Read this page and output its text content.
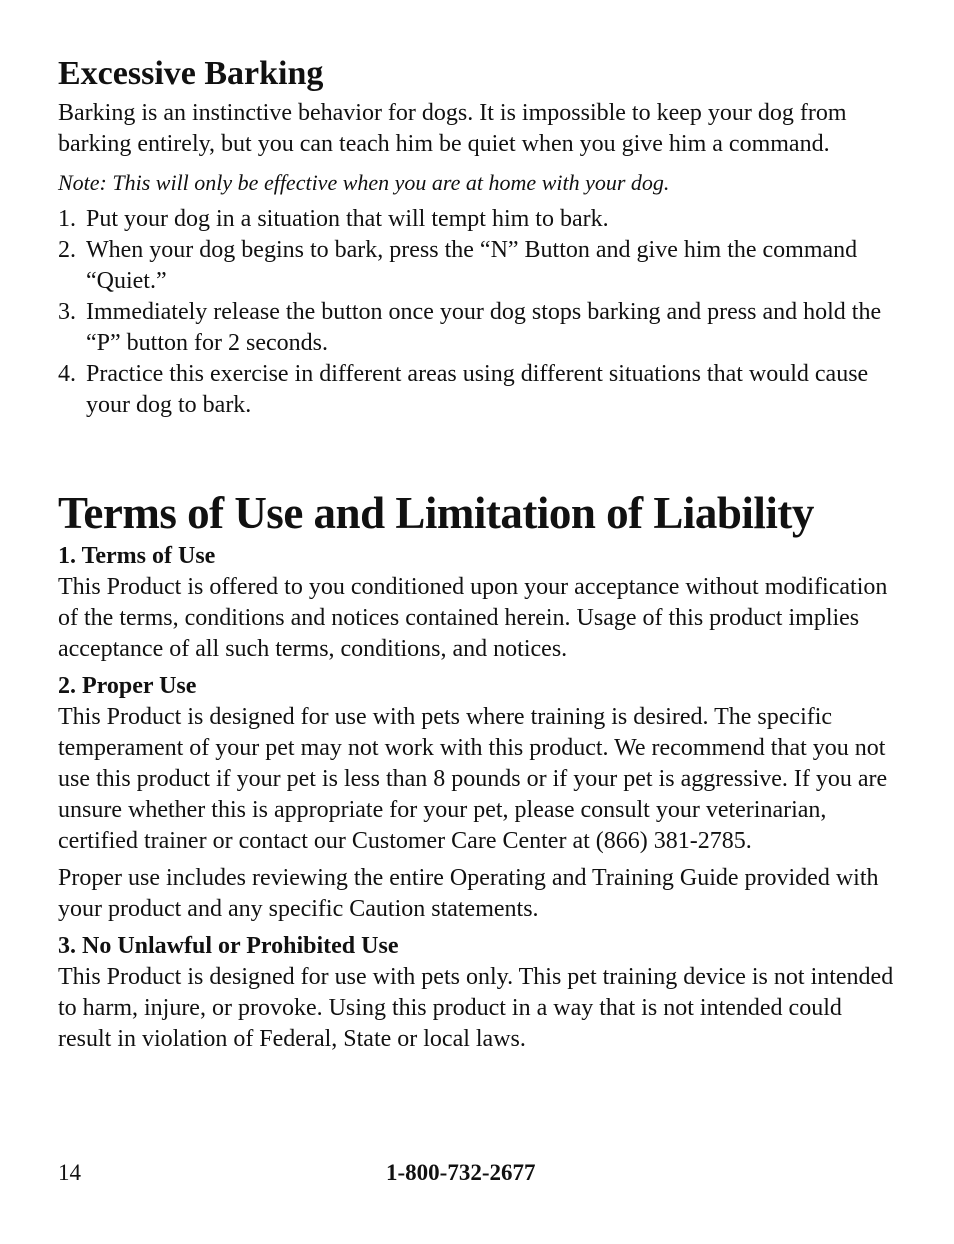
Excessive Barking

Barking is an instinctive behavior for dogs. It is impossible to keep your dog from barking entirely, but you can teach him be quiet when you give him a command.

Note: This will only be effective when you are at home with your dog.

1. Put your dog in a situation that will tempt him to bark.
2. When your dog begins to bark, press the “N” Button and give him the command “Quiet.”
3. Immediately release the button once your dog stops barking and press and hold the “P” button for 2 seconds.
4. Practice this exercise in different areas using different situations that would cause your dog to bark.
Terms of Use and Limitation of Liability
1. Terms of Use

This Product is offered to you conditioned upon your acceptance without modification of the terms, conditions and notices contained herein. Usage of this product implies acceptance of all such terms, conditions, and notices.

2. Proper Use

This Product is designed for use with pets where training is desired. The specific temperament of your pet may not work with this product. We recommend that you not use this product if your pet is less than 8 pounds or if your pet is aggressive. If you are unsure whether this is appropriate for your pet, please consult your veterinarian, certified trainer or contact our Customer Care Center at (866) 381-2785.

Proper use includes reviewing the entire Operating and Training Guide provided with your product and any specific Caution statements.

3. No Unlawful or Prohibited Use

This Product is designed for use with pets only. This pet training device is not intended to harm, injure, or provoke. Using this product in a way that is not intended could result in violation of Federal, State or local laws.

14	1-800-732-2677
